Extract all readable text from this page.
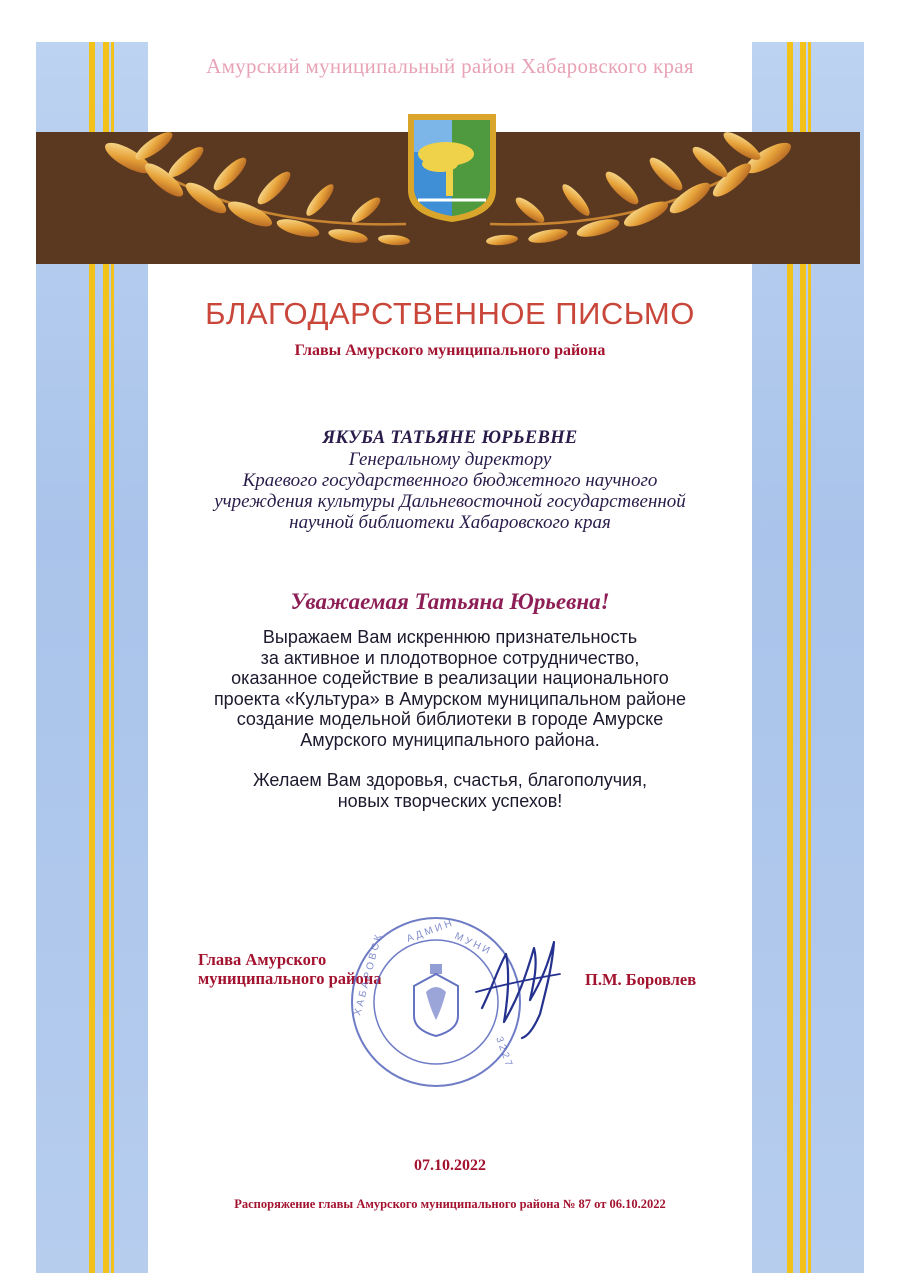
Амурский муниципальный район Хабаровского края
БЛАГОДАРСТВЕННОЕ ПИСЬМО
Главы Амурского муниципального района
ЯКУБА ТАТЬЯНЕ ЮРЬЕВНЕ
Генеральному директору
Краевого государственного бюджетного научного
учреждения культуры Дальневосточной государственной
научной библиотеки Хабаровского края
Уважаемая Татьяна Юрьевна!
Выражаем Вам искреннюю признательность
за активное и плодотворное сотрудничество,
оказанное содействие в реализации национального
проекта «Культура» в Амурском муниципальном районе
создание модельной библиотеки в городе Амурске
Амурского муниципального района.
Желаем Вам здоровья, счастья, благополучия,
новых творческих успехов!
Глава Амурского
муниципального района
А Д М И Н М У Н И
Х А Б А Р О В С К
3 2 2 7
П.М. Боровлев
07.10.2022
Распоряжение главы Амурского муниципального района № 87 от 06.10.2022
